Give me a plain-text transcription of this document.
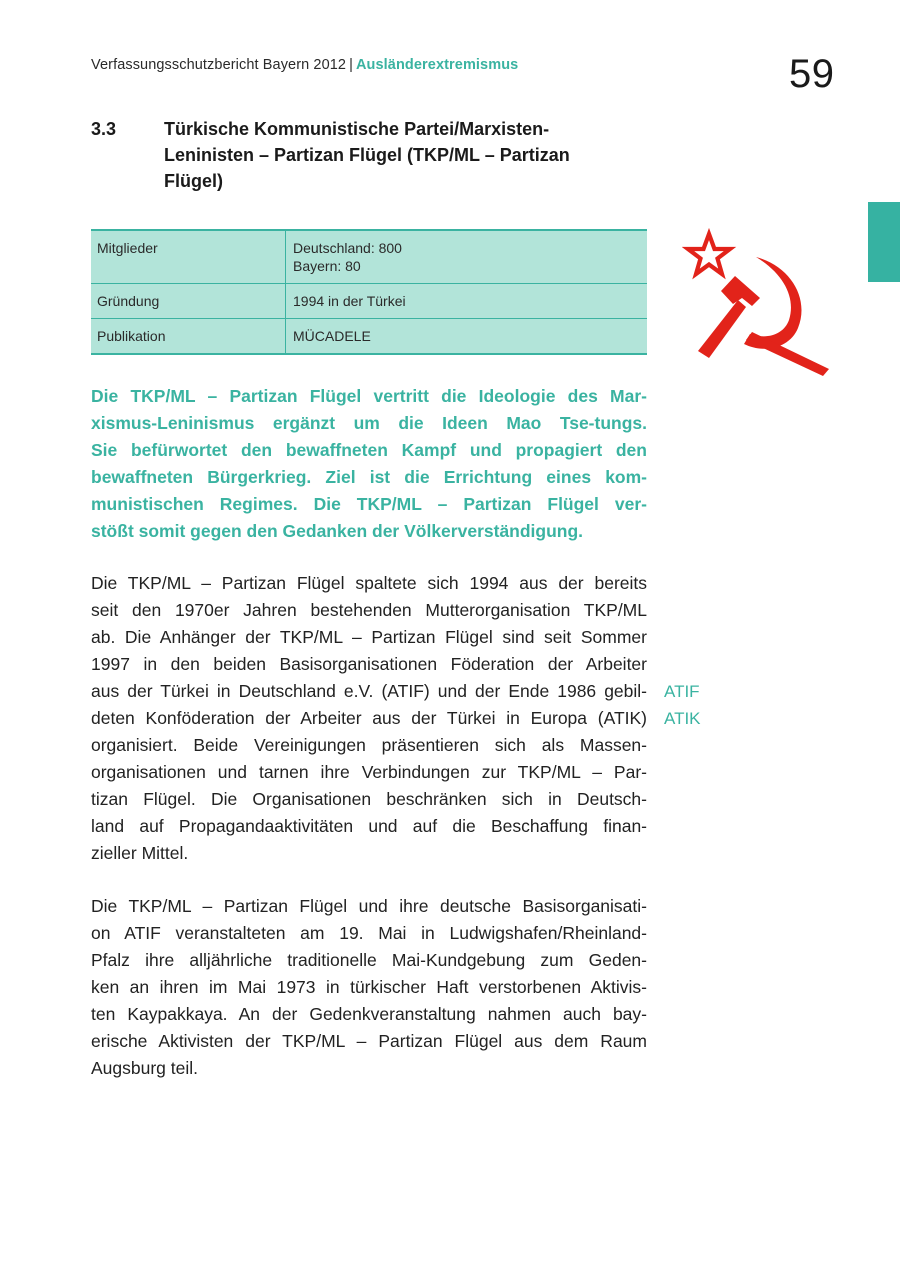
Verfassungsschutzbericht Bayern 2012 | Ausländerextremismus	59
3.3	Türkische Kommunistische Partei/Marxisten-
Leninisten – Partizan Flügel (TKP/ML – Partizan
Flügel)
Mitglieder	Deutschland: 800
Bayern: 80

Gründung	1994 in der Türkei
Publikation	MÜCADELE
Die TKP/ML – Partizan Flügel vertritt die Ideologie des Mar-
xismus-Leninismus ergänzt um die Ideen Mao Tse-tungs.
Sie befürwortet den bewaffneten Kampf und propagiert den
bewaffneten Bürgerkrieg. Ziel ist die Errichtung eines kom-
munistischen Regimes. Die TKP/ML – Partizan Flügel ver-
stößt somit gegen den Gedanken der Völkerverständigung.
Die TKP/ML – Partizan Flügel spaltete sich 1994 aus der bereits
seit den 1970er Jahren bestehenden Mutterorganisation TKP/ML
ab. Die Anhänger der TKP/ML – Partizan Flügel sind seit Sommer
1997 in den beiden Basisorganisationen Föderation der Arbeiter
aus der Türkei in Deutschland e.V. (ATIF) und der Ende 1986 gebil-
deten Konföderation der Arbeiter aus der Türkei in Europa (ATIK)
organisiert. Beide Vereinigungen präsentieren sich als Massen-
organisationen und tarnen ihre Verbindungen zur TKP/ML – Par-
tizan Flügel. Die Organisationen beschränken sich in Deutsch-
land auf Propagandaaktivitäten und auf die Beschaffung finan-
zieller Mittel.
ATIF
ATIK
Die TKP/ML – Partizan Flügel und ihre deutsche Basisorganisati-
on ATIF veranstalteten am 19. Mai in Ludwigshafen/Rheinland-
Pfalz ihre alljährliche traditionelle Mai-Kundgebung zum Geden-
ken an ihren im Mai 1973 in türkischer Haft verstorbenen Aktivis-
ten Kaypakkaya. An der Gedenkveranstaltung nahmen auch bay-
erische Aktivisten der TKP/ML – Partizan Flügel aus dem Raum
Augsburg teil.
